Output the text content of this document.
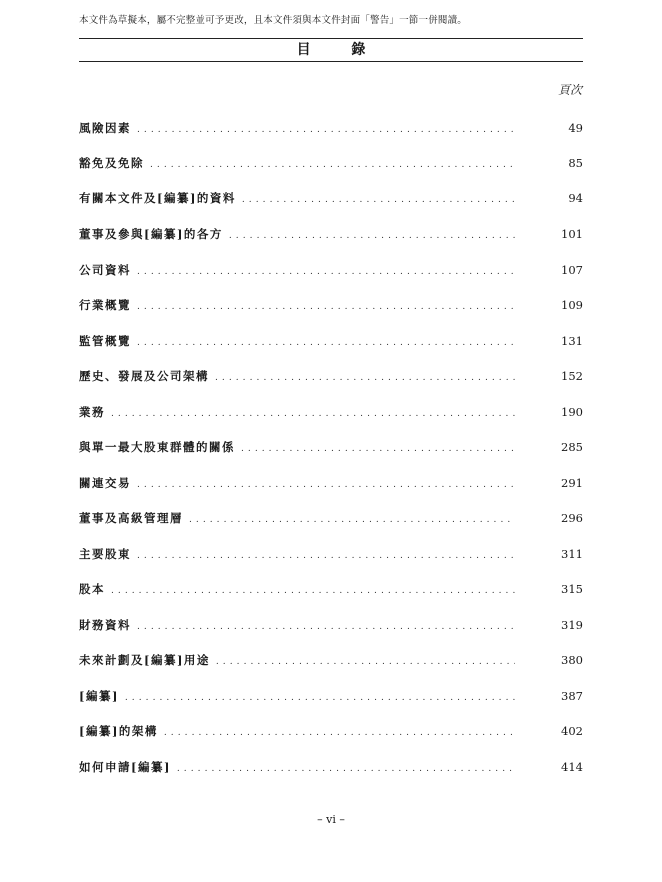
本文件為草擬本，屬不完整並可予更改，且本文件須與本文件封面「警告」一節一併閱讀。
目 錄
頁次
風險因素 . . .	49
豁免及免除 . . .	85
有關本文件及[編纂]的資料 . . .	94
董事及參與[編纂]的各方 . . .	101
公司資料 . . .	107
行業概覽 . . .	109
監管概覽 . . .	131
歷史、發展及公司架構 . . .	152
業務 . . .	190
與單一最大股東群體的關係 . . .	285
關連交易 . . .	291
董事及高級管理層 . . .	296
主要股東 . . .	311
股本 . . .	315
財務資料 . . .	319
未來計劃及[編纂]用途 . . .	380
[編纂] . . .	387
[編纂]的架構 . . .	402
如何申請[編纂] . . .	414
– vi –
